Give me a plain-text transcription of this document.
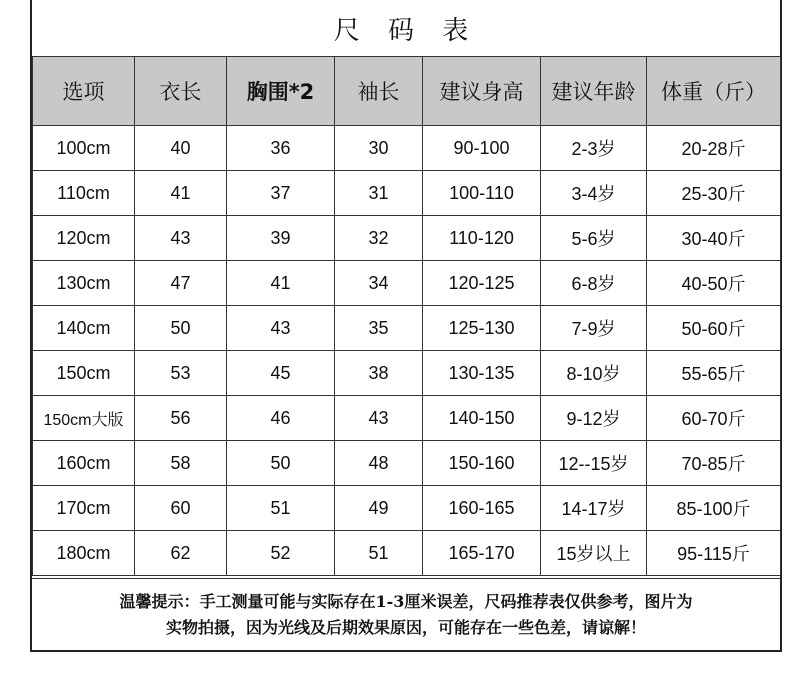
尺 码 表
选项	衣长	胸围*2	袖长	建议身高	建议年龄	体重（斤）
100cm	40	36	30	90-100	2-3岁	20-28斤
110cm	41	37	31	100-110	3-4岁	25-30斤
120cm	43	39	32	110-120	5-6岁	30-40斤
130cm	47	41	34	120-125	6-8岁	40-50斤
140cm	50	43	35	125-130	7-9岁	50-60斤
150cm	53	45	38	130-135	8-10岁	55-65斤
150cm大版	56	46	43	140-150	9-12岁	60-70斤
160cm	58	50	48	150-160	12--15岁	70-85斤
170cm	60	51	49	160-165	14-17岁	85-100斤
180cm	62	52	51	165-170	15岁以上	95-115斤
温馨提示：手工测量可能与实际存在1-3厘米误差，尺码推荐表仅供参考，图片为
实物拍摄，因为光线及后期效果原因，可能存在一些色差，请谅解！
